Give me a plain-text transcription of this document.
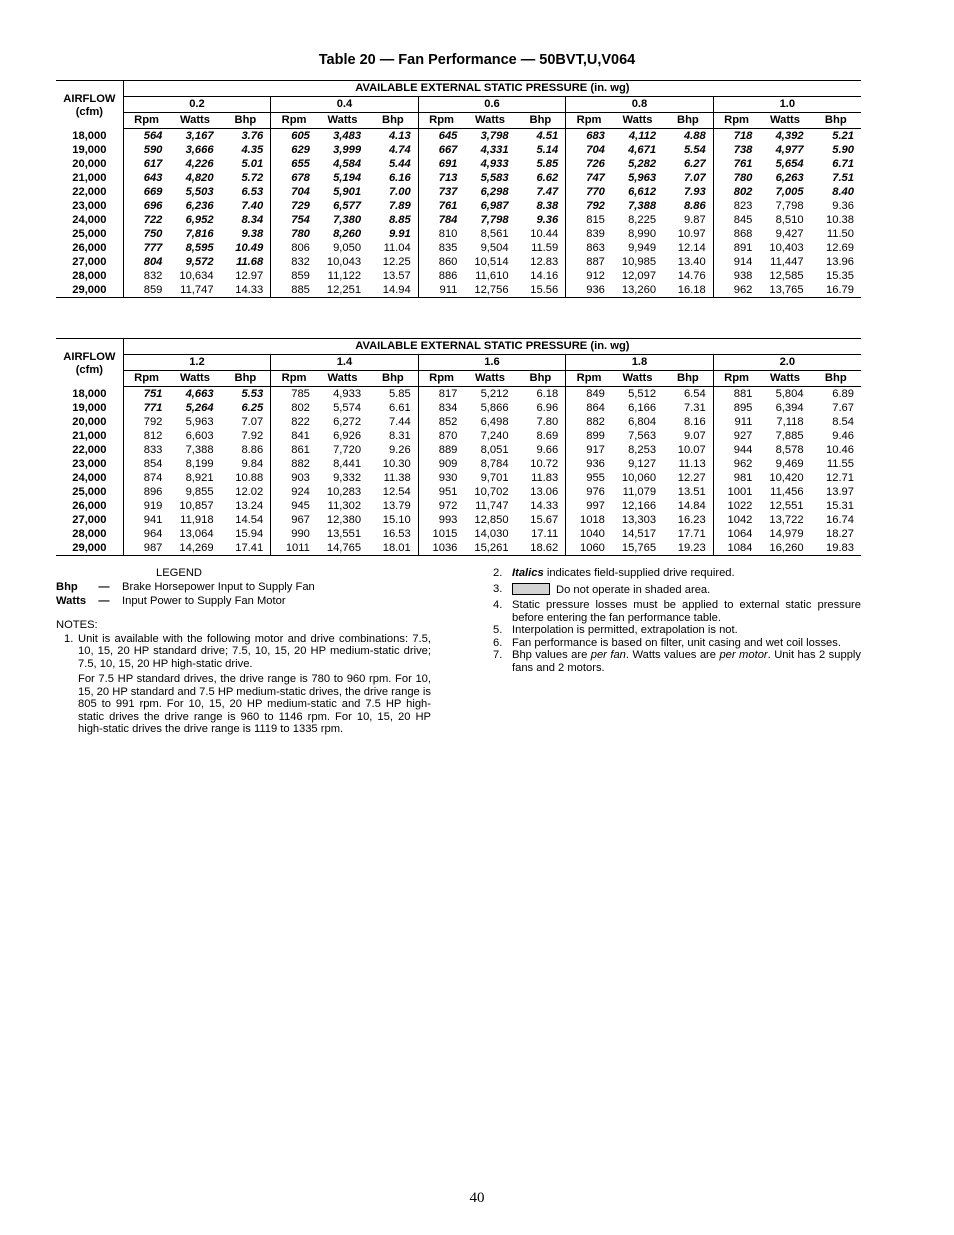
Table 20 — Fan Performance — 50BVT,U,V064
AIRFLOW
(cfm)	AVAILABLE EXTERNAL STATIC PRESSURE (in. wg)														
	0.2			0.4			0.6			0.8			1.0		
	Rpm	Watts	Bhp	Rpm	Watts	Bhp	Rpm	Watts	Bhp	Rpm	Watts	Bhp	Rpm	Watts	Bhp
18,000	564	3,167	3.76	605	3,483	4.13	645	3,798	4.51	683	4,112	4.88	718	4,392	5.21
19,000	590	3,666	4.35	629	3,999	4.74	667	4,331	5.14	704	4,671	5.54	738	4,977	5.90
20,000	617	4,226	5.01	655	4,584	5.44	691	4,933	5.85	726	5,282	6.27	761	5,654	6.71
21,000	643	4,820	5.72	678	5,194	6.16	713	5,583	6.62	747	5,963	7.07	780	6,263	7.51
22,000	669	5,503	6.53	704	5,901	7.00	737	6,298	7.47	770	6,612	7.93	802	7,005	8.40
23,000	696	6,236	7.40	729	6,577	7.89	761	6,987	8.38	792	7,388	8.86	823	7,798	9.36
24,000	722	6,952	8.34	754	7,380	8.85	784	7,798	9.36	815	8,225	9.87	845	8,510	10.38
25,000	750	7,816	9.38	780	8,260	9.91	810	8,561	10.44	839	8,990	10.97	868	9,427	11.50
26,000	777	8,595	10.49	806	9,050	11.04	835	9,504	11.59	863	9,949	12.14	891	10,403	12.69
27,000	804	9,572	11.68	832	10,043	12.25	860	10,514	12.83	887	10,985	13.40	914	11,447	13.96
28,000	832	10,634	12.97	859	11,122	13.57	886	11,610	14.16	912	12,097	14.76	938	12,585	15.35
29,000	859	11,747	14.33	885	12,251	14.94	911	12,756	15.56	936	13,260	16.18	962	13,765	16.79
AIRFLOW
(cfm)	AVAILABLE EXTERNAL STATIC PRESSURE (in. wg)														
	1.2			1.4			1.6			1.8			2.0		
	Rpm	Watts	Bhp	Rpm	Watts	Bhp	Rpm	Watts	Bhp	Rpm	Watts	Bhp	Rpm	Watts	Bhp
18,000	751	4,663	5.53	785	4,933	5.85	817	5,212	6.18	849	5,512	6.54	881	5,804	6.89
19,000	771	5,264	6.25	802	5,574	6.61	834	5,866	6.96	864	6,166	7.31	895	6,394	7.67
20,000	792	5,963	7.07	822	6,272	7.44	852	6,498	7.80	882	6,804	8.16	911	7,118	8.54
21,000	812	6,603	7.92	841	6,926	8.31	870	7,240	8.69	899	7,563	9.07	927	7,885	9.46
22,000	833	7,388	8.86	861	7,720	9.26	889	8,051	9.66	917	8,253	10.07	944	8,578	10.46
23,000	854	8,199	9.84	882	8,441	10.30	909	8,784	10.72	936	9,127	11.13	962	9,469	11.55
24,000	874	8,921	10.88	903	9,332	11.38	930	9,701	11.83	955	10,060	12.27	981	10,420	12.71
25,000	896	9,855	12.02	924	10,283	12.54	951	10,702	13.06	976	11,079	13.51	1001	11,456	13.97
26,000	919	10,857	13.24	945	11,302	13.79	972	11,747	14.33	997	12,166	14.84	1022	12,551	15.31
27,000	941	11,918	14.54	967	12,380	15.10	993	12,850	15.67	1018	13,303	16.23	1042	13,722	16.74
28,000	964	13,064	15.94	990	13,551	16.53	1015	14,030	17.11	1040	14,517	17.71	1064	14,979	18.27
29,000	987	14,269	17.41	1011	14,765	18.01	1036	15,261	18.62	1060	15,765	19.23	1084	16,260	19.83
LEGEND
Bhp	—	Brake Horsepower Input to Supply Fan
Watts	—	Input Power to Supply Fan Motor
NOTES:
1. Unit is available with the following motor and drive combinations: 7.5, 10, 15, 20 HP standard drive; 7.5, 10, 15, 20 HP medium-static drive; 7.5, 10, 15, 20 HP high-static drive.

For 7.5 HP standard drives, the drive range is 780 to 960 rpm. For 10, 15, 20 HP standard and 7.5 HP medium-static drives, the drive range is 805 to 991 rpm. For 10, 15, 20 HP medium-static and 7.5 HP high-static drives the drive range is 960 to 1146 rpm. For 10, 15, 20 HP high-static drives the drive range is 1119 to 1335 rpm.

2. Italics indicates field-supplied drive required.
3.	Do not operate in shaded area.
4. Static pressure losses must be applied to external static pressure before entering the fan performance table.
5. Interpolation is permitted, extrapolation is not.
6. Fan performance is based on filter, unit casing and wet coil losses.
7. Bhp values are per fan. Watts values are per motor. Unit has 2 supply fans and 2 motors.
40
